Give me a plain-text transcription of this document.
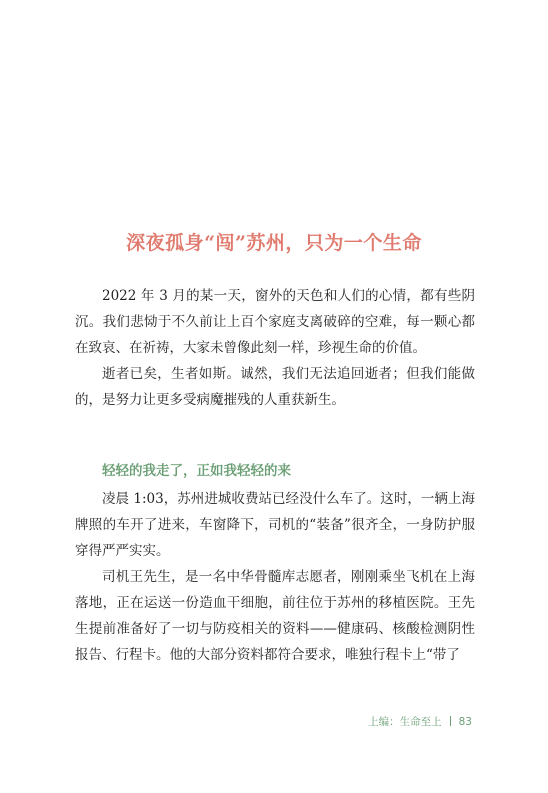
深夜孤身“闯”苏州，只为一个生命

2022 年 3 月的某一天，窗外的天色和人们的心情，都有些阴沉。我们悲恸于不久前让上百个家庭支离破碎的空难，每一颗心都在致哀、在祈祷，大家未曾像此刻一样，珍视生命的价值。

逝者已矣，生者如斯。诚然，我们无法追回逝者；但我们能做的，是努力让更多受病魔摧残的人重获新生。

轻轻的我走了，正如我轻轻的来

凌晨 1:03，苏州进城收费站已经没什么车了。这时，一辆上海牌照的车开了进来，车窗降下，司机的“装备”很齐全，一身防护服穿得严严实实。

司机王先生，是一名中华骨髓库志愿者，刚刚乘坐飞机在上海落地，正在运送一份造血干细胞，前往位于苏州的移植医院。王先生提前准备好了一切与防疫相关的资料——健康码、核酸检测阴性报告、行程卡。他的大部分资料都符合要求，唯独行程卡上“带了

上编：生命至上 83
